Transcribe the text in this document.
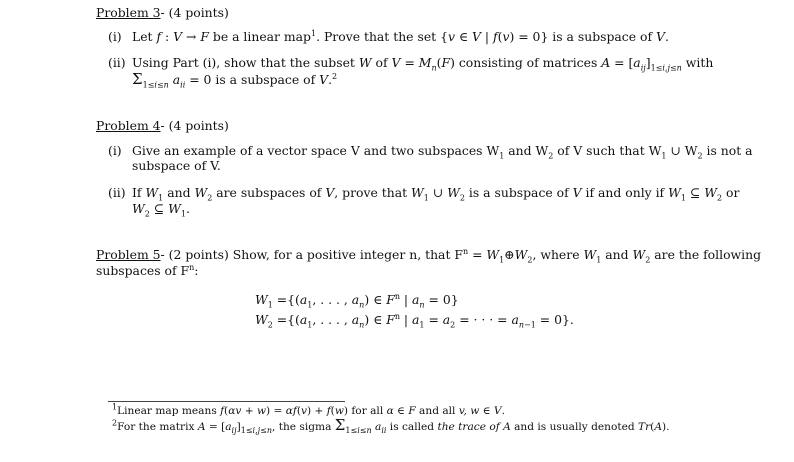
Problem 3- (4 points)
(i) Let f : V → F be a linear map$^1$. Prove that the set {v ∈ V | f(v) = 0} is a subspace of V.
(ii) Using Part (i), show that the subset W of $V = M_n(F)$ consisting of matrices $A = [a_{ij}]_{1\le i,j\le n}$ with
$\Sigma_{1\le i\le n}$ $a_{ii} = 0$ is a subspace of V.$^2$
Problem 4- (4 points)
(i) Give an example of a vector space V and two subspaces $W_1$ and $W_2$ of V such that $W_1$ ∪ $W_2$ is not a
subspace of V.
(ii) If $W_1$ and $W_2$ are subspaces of V, prove that $W_1$ ∪ $W_2$ is a subspace of V if and only if $W_1$ ⊆ $W_2$ or
$W_2$ ⊆ $W_1$.
Problem 5- (2 points) Show, for a positive integer n, that $F^n$ = $W_1\oplus W_2$, where $W_1$ and $W_2$ are the following
subspaces of $F^n$:
$W_1 =\{(a_1$, . . . , $a_n$) ∈ $F^n$ | $a_n = 0$}
$W_2 =\{(a_1$, . . . , $a_n$) ∈ $F^n$ | $a_1 = a_2$ = · · · = $a_{n-1} = 0$}.
$^1$Linear map means f(αv + w) = αf(v) + f(w) for all α ∈ F and all v, w ∈ V.
$^2$For the matrix $A = [a_{ij}]_{1\le i,j\le n}$, the sigma $\Sigma_{1\le i\le n}$ $a_{ii}$ is called the trace of A and is usually denoted Tr(A).
